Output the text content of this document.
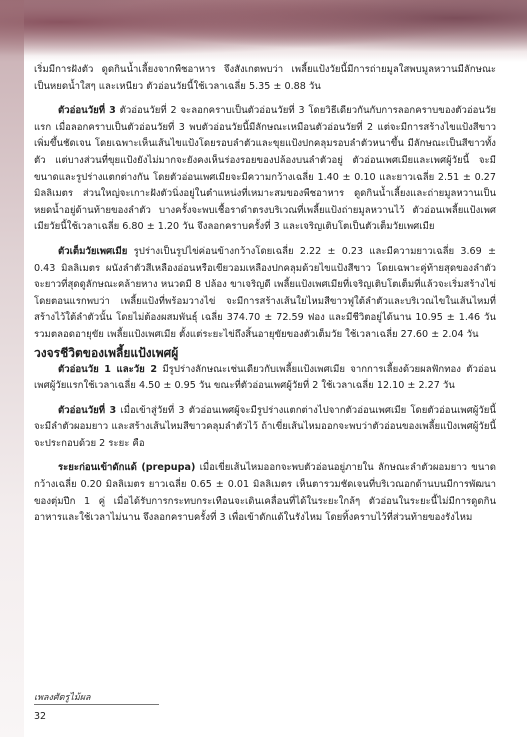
เริ่มมีการฝังตัว ดูดกินน้ำเลี้ยงจากพืชอาหาร จึงสังเกตพบว่า เพลี้ยแป้งวัยนี้มีการถ่ายมูลใสพบมูลหวานมีลักษณะเป็นหยดน้ำใสๆ และเหนียว ตัวอ่อนวัยนี้ใช้เวลาเฉลี่ย 5.35 ± 0.88 วัน

ตัวอ่อนวัยที่ 3 ตัวอ่อนวัยที่ 2 จะลอกคราบเป็นตัวอ่อนวัยที่ 3 โดยวิธีเดียวกันกับการลอกคราบของตัวอ่อนวัยแรก เมื่อลอกคราบเป็นตัวอ่อนวัยที่ 3 พบตัวอ่อนวัยนี้มีลักษณะเหมือนตัวอ่อนวัยที่ 2 แต่จะมีการสร้างไขแป้งสีขาวเพิ่มขึ้นชัดเจน โดยเฉพาะเห็นเส้นไขแป้งโดยรอบลำตัวและขุยแป้งปกคลุมรอบลำตัวหนาขึ้น มีลักษณะเป็นสีขาวทั้งตัว แต่บางส่วนที่ขุยแป้งยังไม่มากจะยังคงเห็นร่องรอยของปล้องบนลำตัวอยู่ ตัวอ่อนเพศเมียและเพศผู้วัยนี้ จะมีขนาดและรูปร่างแตกต่างกัน โดยตัวอ่อนเพศเมียจะมีความกว้างเฉลี่ย 1.40 ± 0.10 และยาวเฉลี่ย 2.51 ± 0.27 มิลลิเมตร ส่วนใหญ่จะเกาะฝังตัวนิ่งอยู่ในตำแหน่งที่เหมาะสมของพืชอาหาร ดูดกินน้ำเลี้ยงและถ่ายมูลหวานเป็นหยดน้ำอยู่ด้านท้ายของลำตัว บางครั้งจะพบเชื้อราดำตรงบริเวณที่เพลี้ยแป้งถ่ายมูลหวานไว้ ตัวอ่อนเพลี้ยแป้งเพศเมียวัยนี้ใช้เวลาเฉลี่ย 6.80 ± 1.20 วัน จึงลอกคราบครั้งที่ 3 และเจริญเติบโตเป็นตัวเต็มวัยเพศเมีย

ตัวเต็มวัยเพศเมีย รูปร่างเป็นรูปไข่ค่อนข้างกว้างโดยเฉลี่ย 2.22 ± 0.23 และมีความยาวเฉลี่ย 3.69 ± 0.43 มิลลิเมตร ผนังลำตัวสีเหลืองอ่อนหรือเขียวอมเหลืองปกคลุมด้วยไขแป้งสีขาว โดยเฉพาะคู่ท้ายสุดของลำตัวจะยาวที่สุดดูลักษณะคล้ายหาง หนวดมี 8 ปล้อง ขาเจริญดี เพลี้ยแป้งเพศเมียที่เจริญเติบโตเต็มที่แล้วจะเริ่มสร้างไข่ โดยตอนแรกพบว่า เพลี้ยแป้งที่พร้อมวางไข่ จะมีการสร้างเส้นใยไหมสีขาวฟูใต้ลำตัวและบริเวณไขในเส้นไหมที่สร้างไว้ใต้ลำตัวนั้น โดยไม่ต้องผสมพันธุ์ เฉลี่ย 374.70 ± 72.59 ฟอง และมีชีวิตอยู่ได้นาน 10.95 ± 1.46 วัน รวมตลอดอายุขัย เพลี้ยแป้งเพศเมีย ตั้งแต่ระยะไข่ถึงสิ้นอายุขัยของตัวเต็มวัย ใช้เวลาเฉลี่ย 27.60 ± 2.04 วัน

วงจรชีวิตของเพลี้ยแป้งเพศผู้

ตัวอ่อนวัย 1 และวัย 2 มีรูปร่างลักษณะเช่นเดียวกับเพลี้ยแป้งเพศเมีย จากการเลี้ยงด้วยผลฟักทอง ตัวอ่อนเพศผู้วัยแรกใช้เวลาเฉลี่ย 4.50 ± 0.95 วัน ขณะที่ตัวอ่อนเพศผู้วัยที่ 2 ใช้เวลาเฉลี่ย 12.10 ± 2.27 วัน

ตัวอ่อนวัยที่ 3 เมื่อเข้าสู่วัยที่ 3 ตัวอ่อนเพศผู้จะมีรูปร่างแตกต่างไปจากตัวอ่อนเพศเมีย โดยตัวอ่อนเพศผู้วัยนี้จะมีลำตัวผอมยาว และสร้างเส้นไหมสีขาวคลุมลำตัวไว้ ถ้าเขี่ยเส้นไหมออกจะพบว่าตัวอ่อนของเพลี้ยแป้งเพศผู้วัยนี้จะประกอบด้วย 2 ระยะ คือ

ระยะก่อนเข้าดักแด้ (prepupa) เมื่อเขี่ยเส้นไหมออกจะพบตัวอ่อนอยู่ภายใน ลักษณะลำตัวผอมยาว ขนาดกว้างเฉลี่ย 0.20 มิลลิเมตร ยาวเฉลี่ย 0.65 ± 0.01 มิลลิเมตร เห็นตารวมชัดเจนที่บริเวณอกด้านบนมีการพัฒนาของตุ่มปีก 1 คู่ เมื่อได้รับการกระทบกระเทือนจะเดินเคลื่อนที่ได้ในระยะใกล้ๆ ตัวอ่อนในระยะนี้ไม่มีการดูดกินอาหารและใช้เวลาไม่นาน จึงลอกคราบครั้งที่ 3 เพื่อเข้าดักแด้ในรังไหม โดยทิ้งคราบไว้ที่ส่วนท้ายของรังไหม

เพลงศัตรูไม้ผล
32
